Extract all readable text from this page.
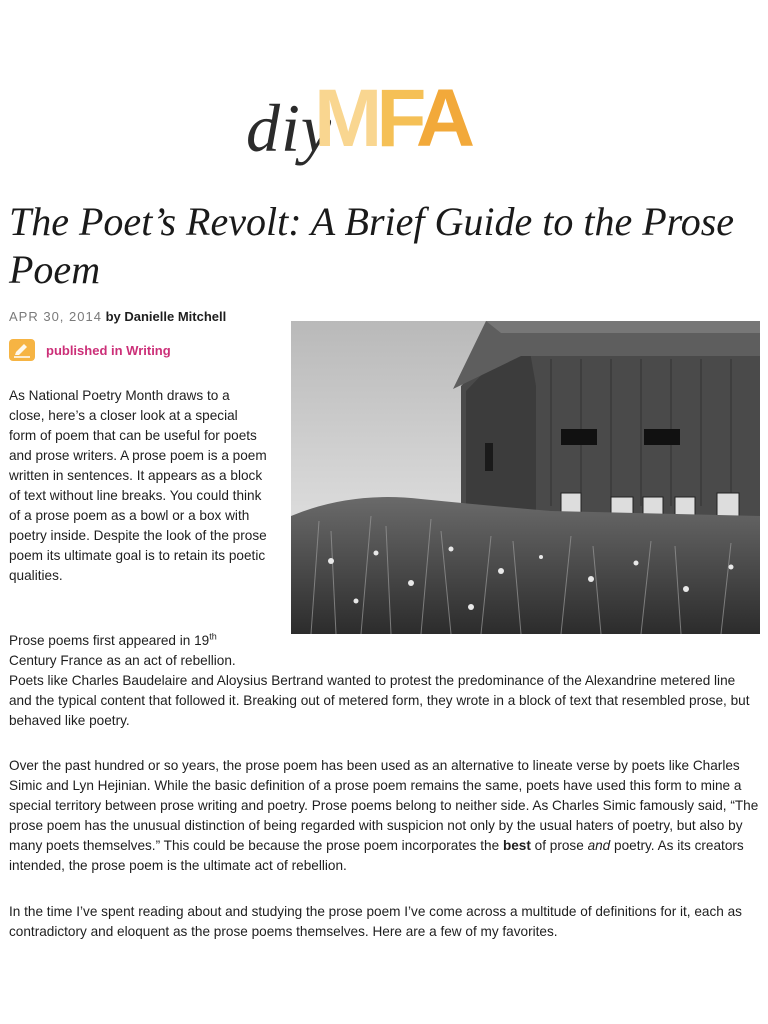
diy
MFA
The Poet’s Revolt: A Brief Guide to the Prose Poem
APR 30, 2014 by Danielle Mitchell
published in Writing

As National Poetry Month draws to a close, here’s a closer look at a special form of poem that can be useful for poets and prose writers. A prose poem is a poem written in sentences. It appears as a block of text without line breaks. You could think of a prose poem as a bowl or a box with poetry inside. Despite the look of the prose poem its ultimate goal is to retain its poetic qualities.

Prose poems first appeared in 19th
Century France as an act of rebellion.

Poets like Charles Baudelaire and Aloysius Bertrand wanted to protest the predominance of the Alexandrine metered line and the typical content that followed it. Breaking out of metered form, they wrote in a block of text that resembled prose, but behaved like poetry.

Over the past hundred or so years, the prose poem has been used as an alternative to lineate verse by poets like Charles Simic and Lyn Hejinian. While the basic definition of a prose poem remains the same, poets have used this form to mine a special territory between prose writing and poetry. Prose poems belong to neither side. As Charles Simic famously said, “The prose poem has the unusual distinction of being regarded with suspicion not only by the usual haters of poetry, but also by many poets themselves.” This could be because the prose poem incorporates the best of prose and poetry. As its creators intended, the prose poem is the ultimate act of rebellion.

In the time I’ve spent reading about and studying the prose poem I’ve come across a multitude of definitions for it, each as contradictory and eloquent as the prose poems themselves. Here are a few of my favorites.
